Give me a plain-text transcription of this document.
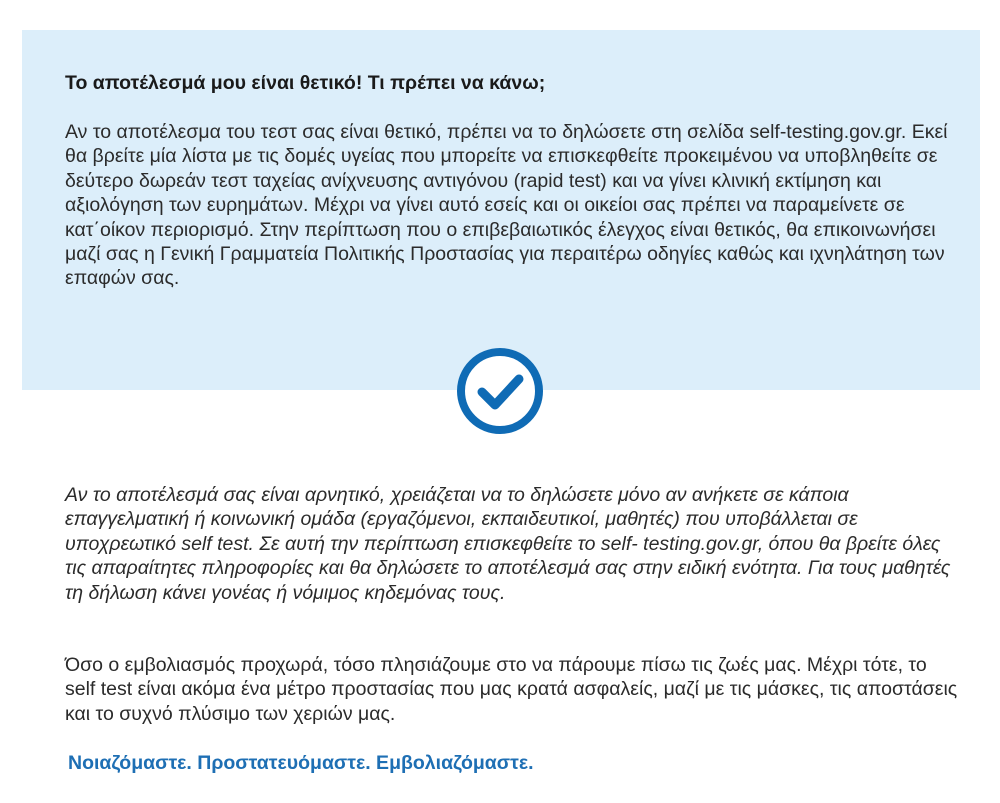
Το αποτέλεσμά μου είναι θετικό! Τι πρέπει να κάνω;

Αν το αποτέλεσμα του τεστ σας είναι θετικό, πρέπει να το δηλώσετε στη σελίδα self-testing.gov.gr. Εκεί θα βρείτε μία λίστα με τις δομές υγείας που μπορείτε να επισκεφθείτε προκειμένου να υποβληθείτε σε δεύτερο δωρεάν τεστ ταχείας ανίχνευσης αντιγόνου (rapid test) και να γίνει κλινική εκτίμηση και αξιολόγηση των ευρημάτων. Μέχρι να γίνει αυτό εσείς και οι οικείοι σας πρέπει να παραμείνετε σε κατ΄οίκον περιορισμό. Στην περίπτωση που ο επιβεβαιωτικός έλεγχος είναι θετικός, θα επικοινωνήσει μαζί σας η Γενική Γραμματεία Πολιτικής Προστασίας για περαιτέρω οδηγίες καθώς και ιχνηλάτηση των επαφών σας.

Αν το αποτέλεσμά σας είναι αρνητικό, χρειάζεται να το δηλώσετε μόνο αν ανήκετε σε κάποια επαγγελματική ή κοινωνική ομάδα (εργαζόμενοι, εκπαιδευτικοί, μαθητές) που υποβάλλεται σε υποχρεωτικό self test. Σε αυτή την περίπτωση επισκεφθείτε το self- testing.gov.gr, όπου θα βρείτε όλες τις απαραίτητες πληροφορίες και θα δηλώσετε το αποτέλεσμά σας στην ειδική ενότητα. Για τους μαθητές τη δήλωση κάνει γονέας ή νόμιμος κηδεμόνας τους.

Όσο ο εμβολιασμός προχωρά, τόσο πλησιάζουμε στο να πάρουμε πίσω τις ζωές μας. Μέχρι τότε, το self test είναι ακόμα ένα μέτρο προστασίας που μας κρατά ασφαλείς, μαζί με τις μάσκες, τις αποστάσεις και το συχνό πλύσιμο των χεριών μας.

Νοιαζόμαστε. Προστατευόμαστε. Εμβολιαζόμαστε.
